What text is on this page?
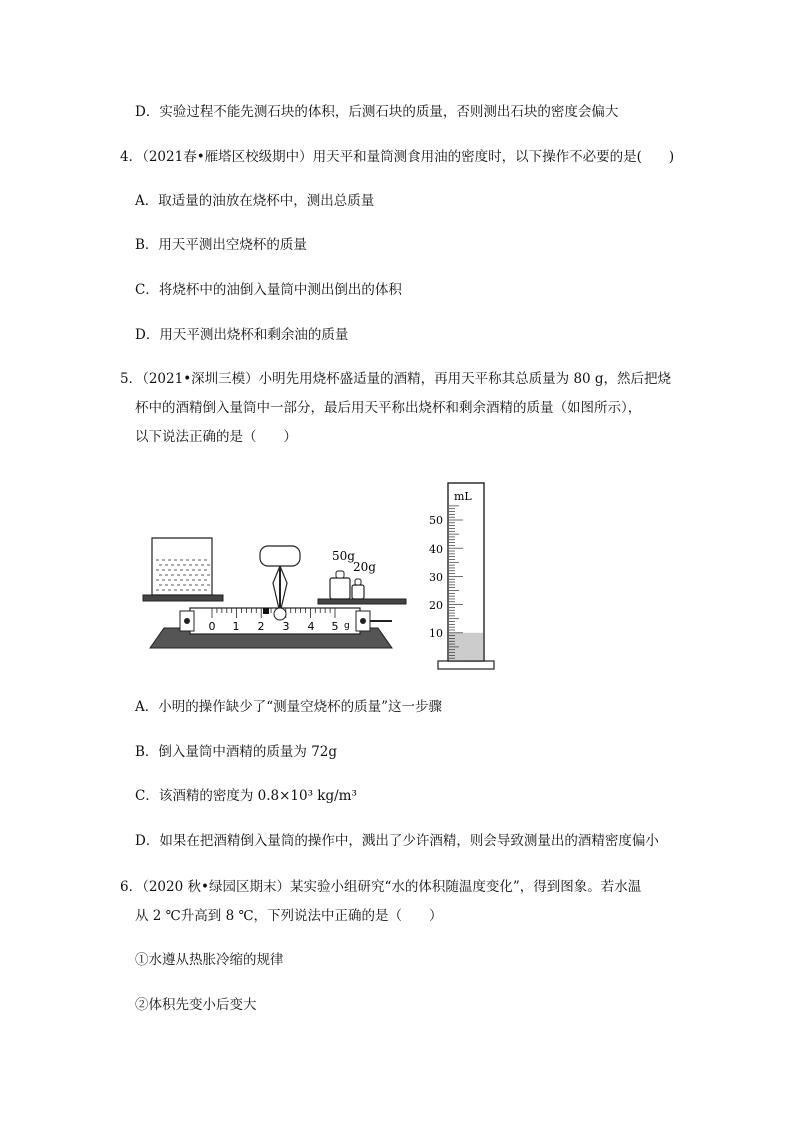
D．实验过程不能先测石块的体积，后测石块的质量，否则测出石块的密度会偏大
4．（2021春•雁塔区校级期中）用天平和量筒测食用油的密度时，以下操作不必要的是(　　)
A．取适量的油放在烧杯中，测出总质量
B．用天平测出空烧杯的质量
C．将烧杯中的油倒入量筒中测出倒出的体积
D．用天平测出烧杯和剩余油的质量
5．（2021•深圳三模）小明先用烧杯盛适量的酒精，再用天平称其总质量为 80 g，然后把烧
杯中的酒精倒入量筒中一部分，最后用天平称出烧杯和剩余酒精的质量（如图所示），
以下说法正确的是（　　）
0 1 2 3 4 5 g
50g
20g
mL
50
40
30
20
10
A．小明的操作缺少了“测量空烧杯的质量”这一步骤
B．倒入量筒中酒精的质量为 72g
C．该酒精的密度为 0.8×10³ kg/m³
D．如果在把酒精倒入量筒的操作中，溅出了少许酒精，则会导致测量出的酒精密度偏小
6．（2020 秋•绿园区期末）某实验小组研究“水的体积随温度变化”，得到图象。若水温
从 2 ℃升高到 8 ℃，下列说法中正确的是（　　）
①水遵从热胀冷缩的规律
②体积先变小后变大
